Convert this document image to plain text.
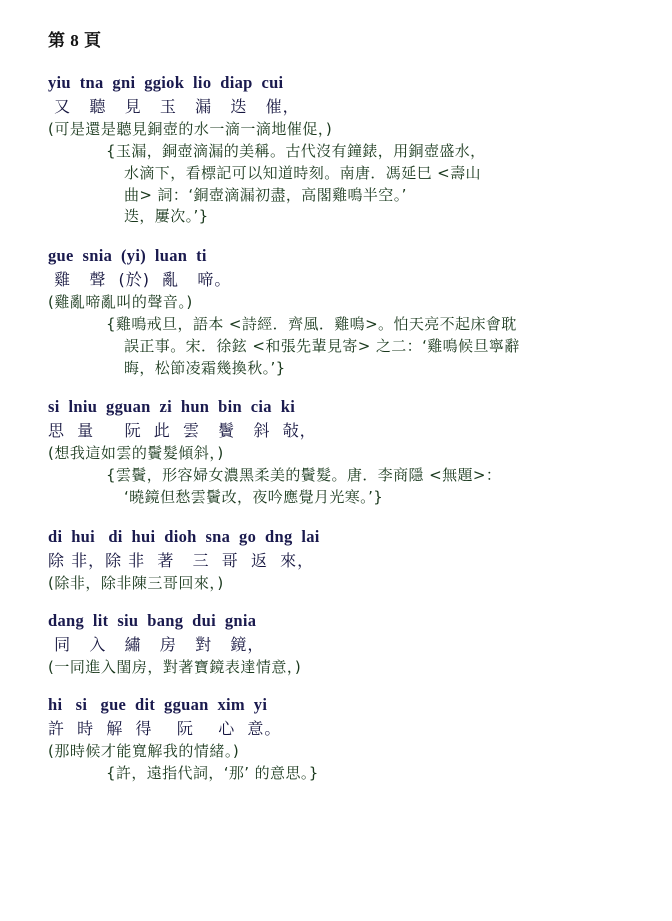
第 8 頁
yiu  tna  gni  ggiok  lio  diap  cui
又   聽   見   玉   漏   迭   催，
(可是還是聽見銅壺的水一滴一滴地催促，)
{玉漏，銅壺滴漏的美稱。古代沒有鐘錶，用銅壺盛水，
水滴下，看標記可以知道時刻。南唐．馮延巳 <壽山
曲> 詞：‘銅壺滴漏初盡，高閣雞鳴半空。’
迭，屢次。’}
gue  snia  (yi)  luan  ti
雞   聲  (於)  亂   啼。
(雞亂啼亂叫的聲音。)
{雞鳴戒旦，語本 <詩經．齊風．雞鳴>。怕天亮不起床會耽
誤正事。宋．徐鉉 <和張先輩見寄> 之二：‘雞鳴候旦寧辭
晦，松節凌霜幾換秋。’}
si  lniu  gguan  zi  hun  bin  cia  ki
思  量     阮  此  雲   鬢   斜  敧，
(想我這如雲的鬢髮傾斜，)
{雲鬢，形容婦女濃黑柔美的鬢髮。唐．李商隱 <無題>：
‘曉鏡但愁雲鬢改，夜吟應覺月光寒。’}
di  hui   di  hui  dioh  sna  go  dng  lai
除 非，除 非  著   三  哥  返  來，
(除非，除非陳三哥回來，)
dang  lit  siu  bang  dui  gnia
同   入   繡   房   對   鏡，
(一同進入閨房，對著寶鏡表達情意，)
hi   si   gue  dit  gguan  xim  yi
許  時  解  得    阮    心  意。
(那時候才能寬解我的情緒。)
{許，遠指代詞，‘那’ 的意思。}
